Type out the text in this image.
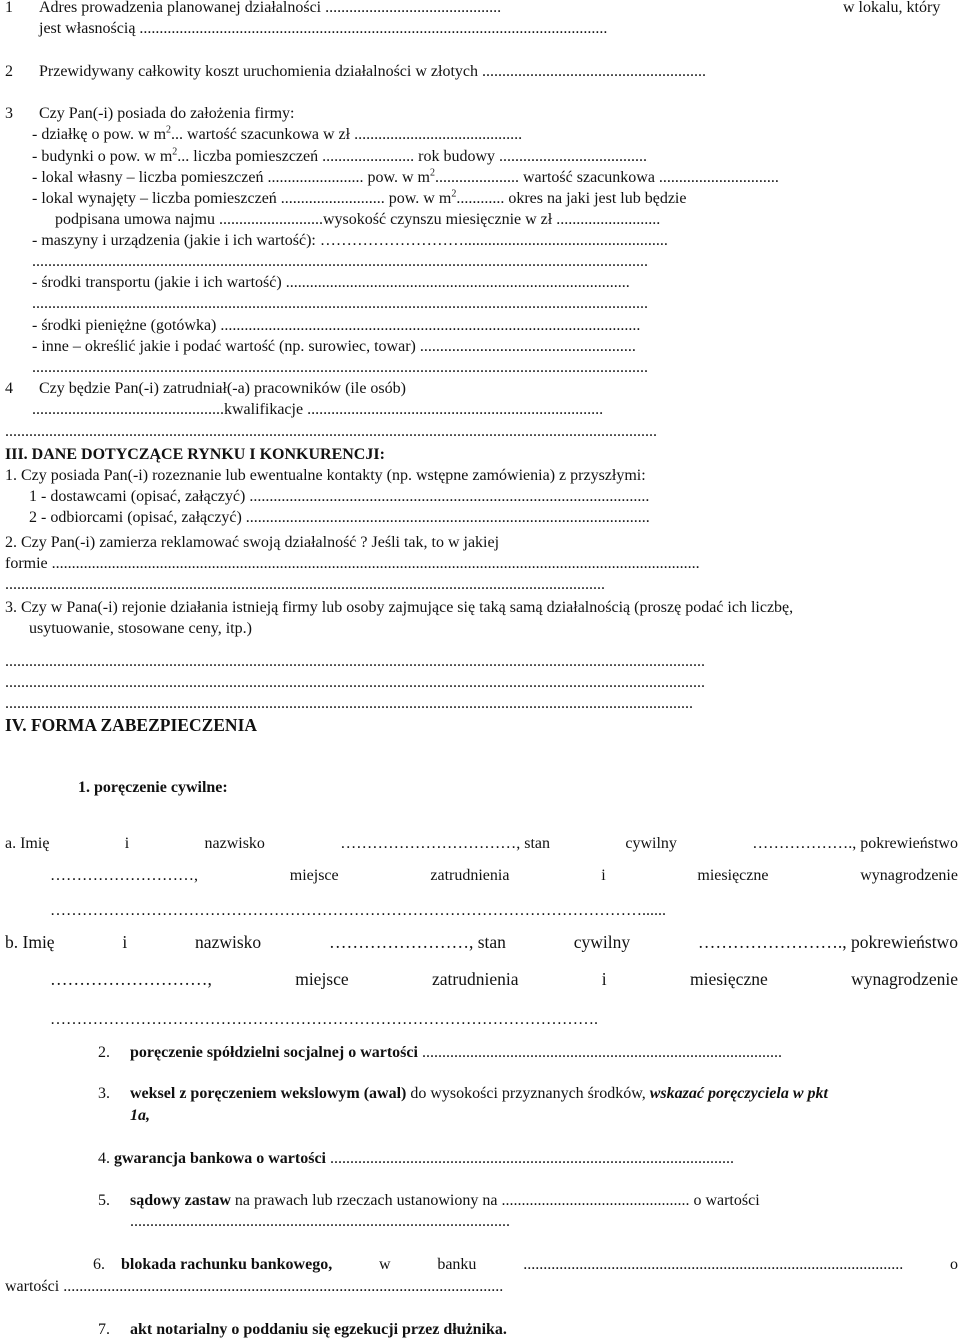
1 Adres prowadzenia planowanej działalności ............................................	w lokalu, który
jest własnością .....................................................................................................................
2 Przewidywany całkowity koszt uruchomienia działalności w złotych ........................................................
3 Czy Pan(-i) posiada do założenia firmy:
- działkę o pow. w $m^2$... wartość szacunkowa w zł ..........................................
- budynki o pow. w $m^2$... liczba pomieszczeń ....................... rok budowy .....................................
- lokal własny – liczba pomieszczeń ........................ pow. w $m^2$..................... wartość szacunkowa ..............................
- lokal wynajęty – liczba pomieszczeń .......................... pow. w $m^2$............ okres na jaki jest lub będzie
podpisana umowa najmu ..........................wysokość czynszu miesięcznie w zł ..........................
- maszyny i urządzenia (jakie i ich wartość): ………………………...................................................
..........................................................................................................................................................
- środki transportu (jakie i ich wartość) ......................................................................................
..........................................................................................................................................................
- środki pieniężne (gotówka) .........................................................................................................
- inne – określić jakie i podać wartość (np. surowiec, towar) ......................................................
..........................................................................................................................................................
4 Czy będzie Pan(-i) zatrudniał(-a) pracowników (ile osób)
................................................kwalifikacje ..........................................................................
...................................................................................................................................................................
III. DANE DOTYCZĄCE RYNKU I KONKURENCJI:
1. Czy posiada Pan(-i) rozeznanie lub ewentualne kontakty (np. wstępne zamówienia) z przyszłymi:
1 - dostawcami (opisać, załączyć) ....................................................................................................
2 - odbiorcami (opisać, załączyć) .....................................................................................................
2. Czy Pan(-i) zamierza reklamować swoją działalność ? Jeśli tak, to w jakiej
formie ..................................................................................................................................................................
......................................................................................................................................................
3. Czy w Pana(-i) rejonie działania istnieją firmy lub osoby zajmujące się taką samą działalnością (proszę podać ich liczbę,
usytuowanie, stosowane ceny, itp.)
...............................................................................................................................................................................
...............................................................................................................................................................................
............................................................................................................................................................................
IV. FORMA ZABEZPIECZENIA
1. poręczenie cywilne:
a. Imię	i	nazwisko	……………………………, stan	cywilny	………………., pokrewieństwo
………………………,	miejsce	zatrudnienia	i	miesięczne	wynagrodzenie
…………………………………………………………………………………………………......
b. Imię	i	nazwisko	……………………, stan	cywilny	……………………., pokrewieństwo
………………………,	miejsce	zatrudnienia	i	miesięczne	wynagrodzenie
………………………………………………………………………………………….
2. poręczenie spółdzielni socjalnej o wartości ..........................................................................................
3. weksel z poręczeniem wekslowym (awal) do wysokości przyznanych środków, wskazać poręczyciela w pkt
1a,
4. gwarancja bankowa o wartości .....................................................................................................
5. sądowy zastaw na prawach lub rzeczach ustanowiony na ............................................... o wartości
...............................................................................................
6. blokada rachunku bankowego,	w	banku	...............................................................................................	o
wartości ..............................................................................................................
7. akt notarialny o poddaniu się egzekucji przez dłużnika.
